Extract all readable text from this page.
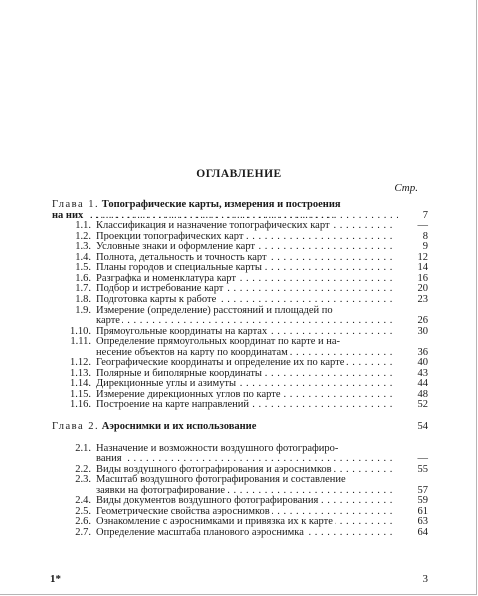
ОГЛАВЛЕНИЕ
Стр.
Глава 1. Топографические карты, измерения и построения
на них . . . . . . . . . . . . . . . . . . . . . . . . . . . . . . . . . . . . . . . . . . . . . . . . . .	7
1.1. Классификация и назначение топографических карт . . .	—
1.2. Проекции топографических карт . . .	8
1.3. Условные знаки и оформление карт . . .	9
1.4. Полнота, детальность и точность карт . . .	12
1.5. Планы городов и специальные карты . . .	14
1.6. Разграфка и номенклатура карт . . .	16
1.7. Подбор и истребование карт . . .	20
1.8. Подготовка карты к работе . . .	23
1.9. Измерение (определение) расстояний и площадей по
карте . . .	26
1.10. Прямоугольные координаты на картах . . .	30
1.11. Определение прямоугольных координат по карте и на-
несение объектов на карту по координатам . . .	36
1.12. Географические координаты и определение их по карте . . .	40
1.13. Полярные и биполярные координаты . . .	43
1.14. Дирекционные углы и азимуты . . .	44
1.15. Измерение дирекционных углов по карте . . .	48
1.16. Построение на карте направлений . . .	52
Глава 2. Аэроснимки и их использование	54
2.1. Назначение и возможности воздушного фотографиро-
вания . . .	—
2.2. Виды воздушного фотографирования и аэроснимков . . .	55
2.3. Масштаб воздушного фотографирования и составление
заявки на фотографирование . . .	57
2.4. Виды документов воздушного фотографирования . . .	59
2.5. Геометрические свойства аэроснимков . . .	61
2.6. Ознакомление с аэроснимками и привязка их к карте . . .	63
2.7. Определение масштаба планового аэроснимка . . .	64
1*	3
